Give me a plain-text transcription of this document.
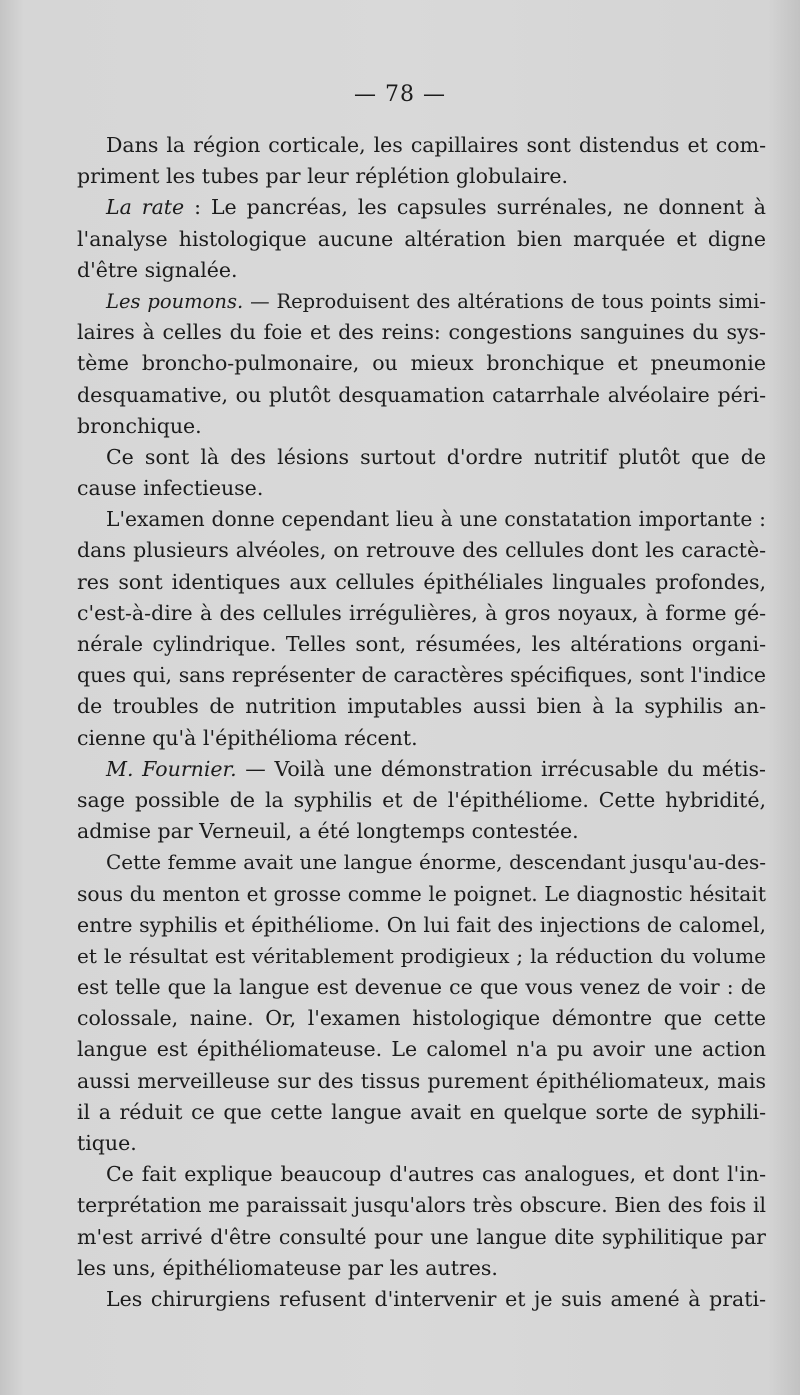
— 78 —
Dans la région corticale, les capillaires sont distendus et com-
priment les tubes par leur réplétion globulaire.
La rate : Le pancréas, les capsules surrénales, ne donnent à
l'analyse histologique aucune altération bien marquée et digne
d'être signalée.
Les poumons. — Reproduisent des altérations de tous points simi-
laires à celles du foie et des reins: congestions sanguines du sys-
tème broncho-pulmonaire, ou mieux bronchique et pneumonie
desquamative, ou plutôt desquamation catarrhale alvéolaire péri-
bronchique.
Ce sont là des lésions surtout d'ordre nutritif plutôt que de
cause infectieuse.
L'examen donne cependant lieu à une constatation importante :
dans plusieurs alvéoles, on retrouve des cellules dont les caractè-
res sont identiques aux cellules épithéliales linguales profondes,
c'est-à-dire à des cellules irrégulières, à gros noyaux, à forme gé-
nérale cylindrique. Telles sont, résumées, les altérations organi-
ques qui, sans représenter de caractères spécifiques, sont l'indice
de troubles de nutrition imputables aussi bien à la syphilis an-
cienne qu'à l'épithélioma récent.
M. Fournier. — Voilà une démonstration irrécusable du métis-
sage possible de la syphilis et de l'épithéliome. Cette hybridité,
admise par Verneuil, a été longtemps contestée.
Cette femme avait une langue énorme, descendant jusqu'au-des-
sous du menton et grosse comme le poignet. Le diagnostic hésitait
entre syphilis et épithéliome. On lui fait des injections de calomel,
et le résultat est véritablement prodigieux ; la réduction du volume
est telle que la langue est devenue ce que vous venez de voir : de
colossale, naine. Or, l'examen histologique démontre que cette
langue est épithéliomateuse. Le calomel n'a pu avoir une action
aussi merveilleuse sur des tissus purement épithéliomateux, mais
il a réduit ce que cette langue avait en quelque sorte de syphili-
tique.
Ce fait explique beaucoup d'autres cas analogues, et dont l'in-
terprétation me paraissait jusqu'alors très obscure. Bien des fois il
m'est arrivé d'être consulté pour une langue dite syphilitique par
les uns, épithéliomateuse par les autres.
Les chirurgiens refusent d'intervenir et je suis amené à prati-
